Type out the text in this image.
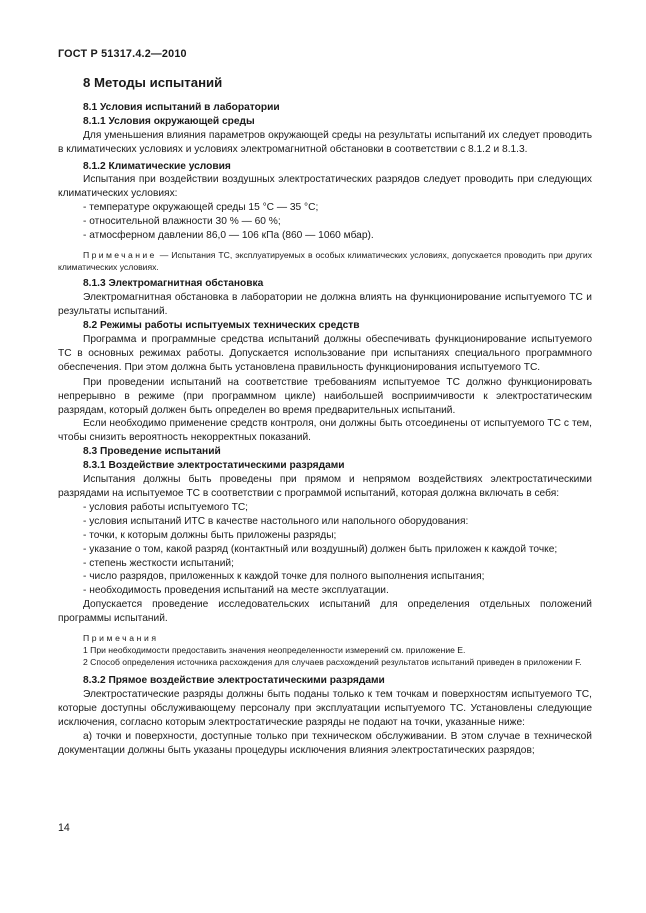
ГОСТ Р 51317.4.2—2010

8 Методы испытаний

8.1 Условия испытаний в лаборатории

8.1.1 Условия окружающей среды

Для уменьшения влияния параметров окружающей среды на результаты испытаний их следует проводить в климатических условиях и условиях электромагнитной обстановки в соответствии с 8.1.2 и 8.1.3.

8.1.2 Климатические условия

Испытания при воздействии воздушных электростатических разрядов следует проводить при следующих климатических условиях:

- температуре окружающей среды 15 °С — 35 °С;

- относительной влажности 30 % — 60 %;

- атмосферном давлении 86,0 — 106 кПа (860 — 1060 мбар).

Примечание — Испытания ТС, эксплуатируемых в особых климатических условиях, допускается проводить при других климатических условиях.

8.1.3 Электромагнитная обстановка

Электромагнитная обстановка в лаборатории не должна влиять на функционирование испытуемого ТС и результаты испытаний.

8.2 Режимы работы испытуемых технических средств

Программа и программные средства испытаний должны обеспечивать функционирование испытуемого ТС в основных режимах работы. Допускается использование при испытаниях специального программного обеспечения. При этом должна быть установлена правильность функционирования испытуемого ТС.

При проведении испытаний на соответствие требованиям испытуемое ТС должно функционировать непрерывно в режиме (при программном цикле) наибольшей восприимчивости к электростатическим разрядам, который должен быть определен во время предварительных испытаний.

Если необходимо применение средств контроля, они должны быть отсоединены от испытуемого ТС с тем, чтобы снизить вероятность некорректных показаний.

8.3 Проведение испытаний

8.3.1 Воздействие электростатическими разрядами

Испытания должны быть проведены при прямом и непрямом воздействиях электростатическими разрядами на испытуемое ТС в соответствии с программой испытаний, которая должна включать в себя:

- условия работы испытуемого ТС;

- условия испытаний ИТС в качестве настольного или напольного оборудования:

- точки, к которым должны быть приложены разряды;

- указание о том, какой разряд (контактный или воздушный) должен быть приложен к каждой точке;

- степень жесткости испытаний;

- число разрядов, приложенных к каждой точке для полного выполнения испытания;

- необходимость проведения испытаний на месте эксплуатации.

Допускается проведение исследовательских испытаний для определения отдельных положений программы испытаний.

Примечания

1 При необходимости предоставить значения неопределенности измерений см. приложение Е.

2 Способ определения источника расхождения для случаев расхождений результатов испытаний приведен в приложении F.

8.3.2 Прямое воздействие электростатическими разрядами

Электростатические разряды должны быть поданы только к тем точкам и поверхностям испытуемого ТС, которые доступны обслуживающему персоналу при эксплуатации испытуемого ТС. Установлены следующие исключения, согласно которым электростатические разряды не подают на точки, указанные ниже:

а) точки и поверхности, доступные только при техническом обслуживании. В этом случае в технической документации должны быть указаны процедуры исключения влияния электростатических разрядов;

14
